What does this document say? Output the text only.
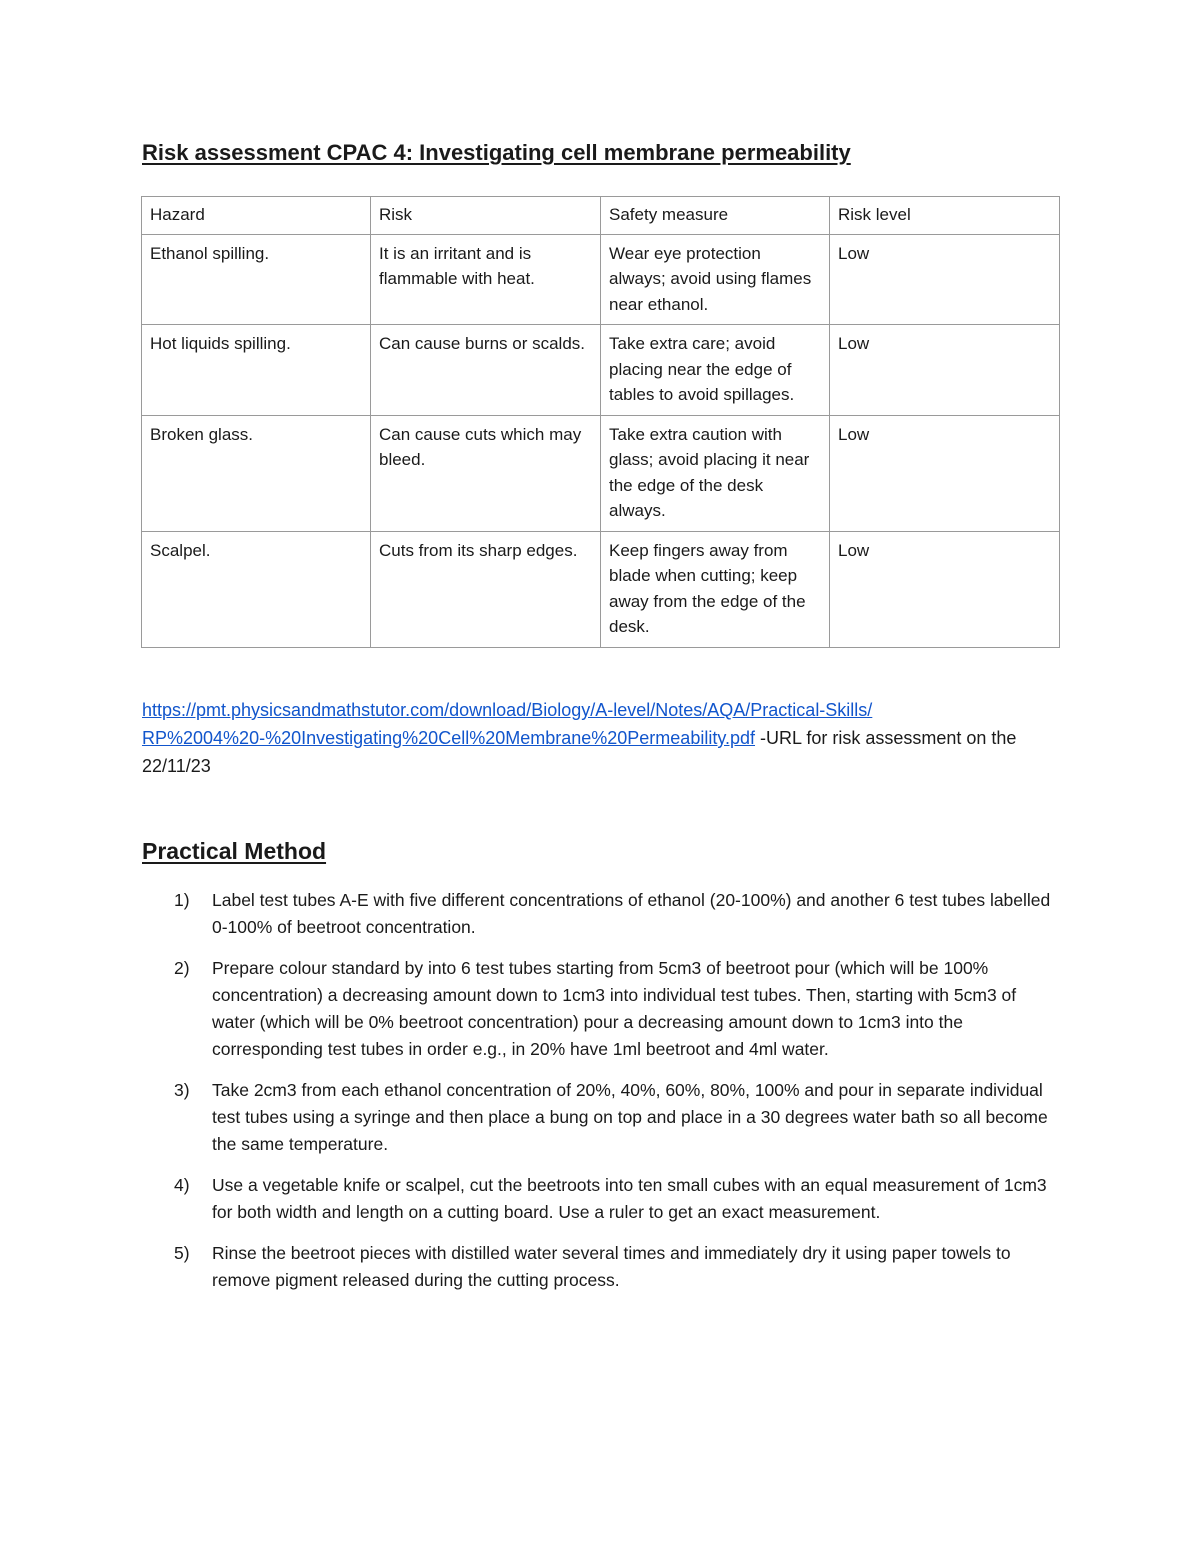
Risk assessment CPAC 4: Investigating cell membrane permeability
Hazard	Risk	Safety measure	Risk level
Ethanol spilling.	It is an irritant and is flammable with heat.	Wear eye protection always; avoid using flames near ethanol.	Low
Hot liquids spilling.	Can cause burns or scalds.	Take extra care; avoid placing near the edge of tables to avoid spillages.	Low
Broken glass.	Can cause cuts which may bleed.	Take extra caution with glass; avoid placing it near the edge of the desk always.	Low
Scalpel.	Cuts from its sharp edges.	Keep fingers away from blade when cutting; keep away from the edge of the desk.	Low

https://pmt.physicsandmathstutor.com/download/Biology/A-level/Notes/AQA/Practical-Skills/
RP%2004%20-%20Investigating%20Cell%20Membrane%20Permeability.pdf -URL for risk assessment on the 22/11/23

Practical Method
1) Label test tubes A-E with five different concentrations of ethanol (20-100%) and another 6 test tubes labelled 0-100% of beetroot concentration.
2) Prepare colour standard by into 6 test tubes starting from 5cm3 of beetroot pour (which will be 100% concentration) a decreasing amount down to 1cm3 into individual test tubes. Then, starting with 5cm3 of water (which will be 0% beetroot concentration) pour a decreasing amount down to 1cm3 into the corresponding test tubes in order e.g., in 20% have 1ml beetroot and 4ml water.
3) Take 2cm3 from each ethanol concentration of 20%, 40%, 60%, 80%, 100% and pour in separate individual test tubes using a syringe and then place a bung on top and place in a 30 degrees water bath so all become the same temperature.
4) Use a vegetable knife or scalpel, cut the beetroots into ten small cubes with an equal measurement of 1cm3 for both width and length on a cutting board. Use a ruler to get an exact measurement.
5) Rinse the beetroot pieces with distilled water several times and immediately dry it using paper towels to remove pigment released during the cutting process.
